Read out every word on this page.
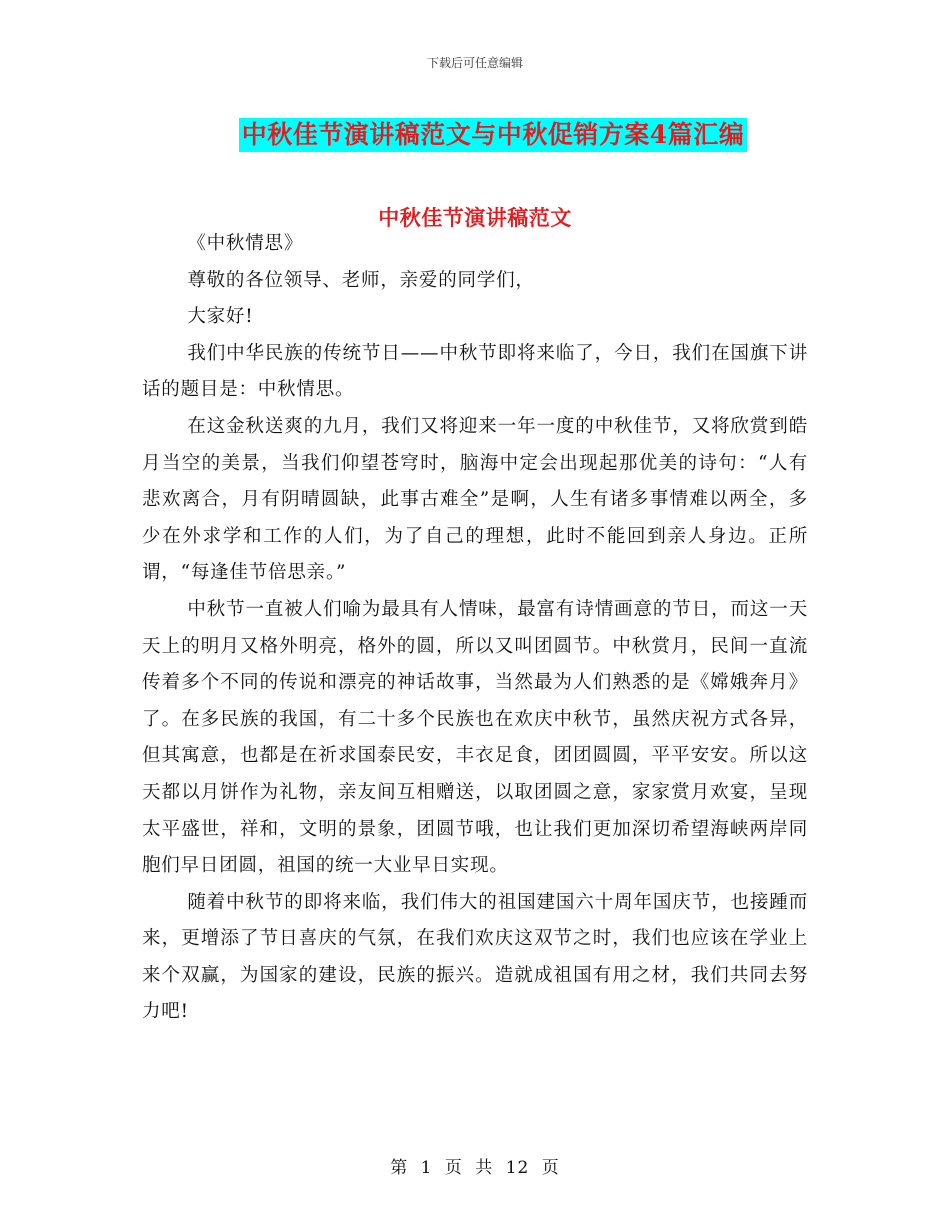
下载后可任意编辑
中秋佳节演讲稿范文与中秋促销方案4篇汇编
中秋佳节演讲稿范文

《中秋情思》

尊敬的各位领导、老师，亲爱的同学们，

大家好!

我们中华民族的传统节日——中秋节即将来临了，今日，我们在国旗下讲话的题目是：中秋情思。

在这金秋送爽的九月，我们又将迎来一年一度的中秋佳节，又将欣赏到皓月当空的美景，当我们仰望苍穹时，脑海中定会出现起那优美的诗句：“人有悲欢离合，月有阴晴圆缺，此事古难全”是啊，人生有诸多事情难以两全，多少在外求学和工作的人们，为了自己的理想，此时不能回到亲人身边。正所谓，“每逢佳节倍思亲。”

中秋节一直被人们喻为最具有人情味，最富有诗情画意的节日，而这一天天上的明月又格外明亮，格外的圆，所以又叫团圆节。中秋赏月，民间一直流传着多个不同的传说和漂亮的神话故事，当然最为人们熟悉的是《嫦娥奔月》了。在多民族的我国，有二十多个民族也在欢庆中秋节，虽然庆祝方式各异，但其寓意，也都是在祈求国泰民安，丰衣足食，团团圆圆，平平安安。所以这天都以月饼作为礼物，亲友间互相赠送，以取团圆之意，家家赏月欢宴，呈现太平盛世，祥和，文明的景象，团圆节哦，也让我们更加深切希望海峡两岸同胞们早日团圆，祖国的统一大业早日实现。

随着中秋节的即将来临，我们伟大的祖国建国六十周年国庆节，也接踵而来，更增添了节日喜庆的气氛，在我们欢庆这双节之时，我们也应该在学业上来个双赢，为国家的建设，民族的振兴。造就成祖国有用之材，我们共同去努力吧!

第 1 页 共 12 页
